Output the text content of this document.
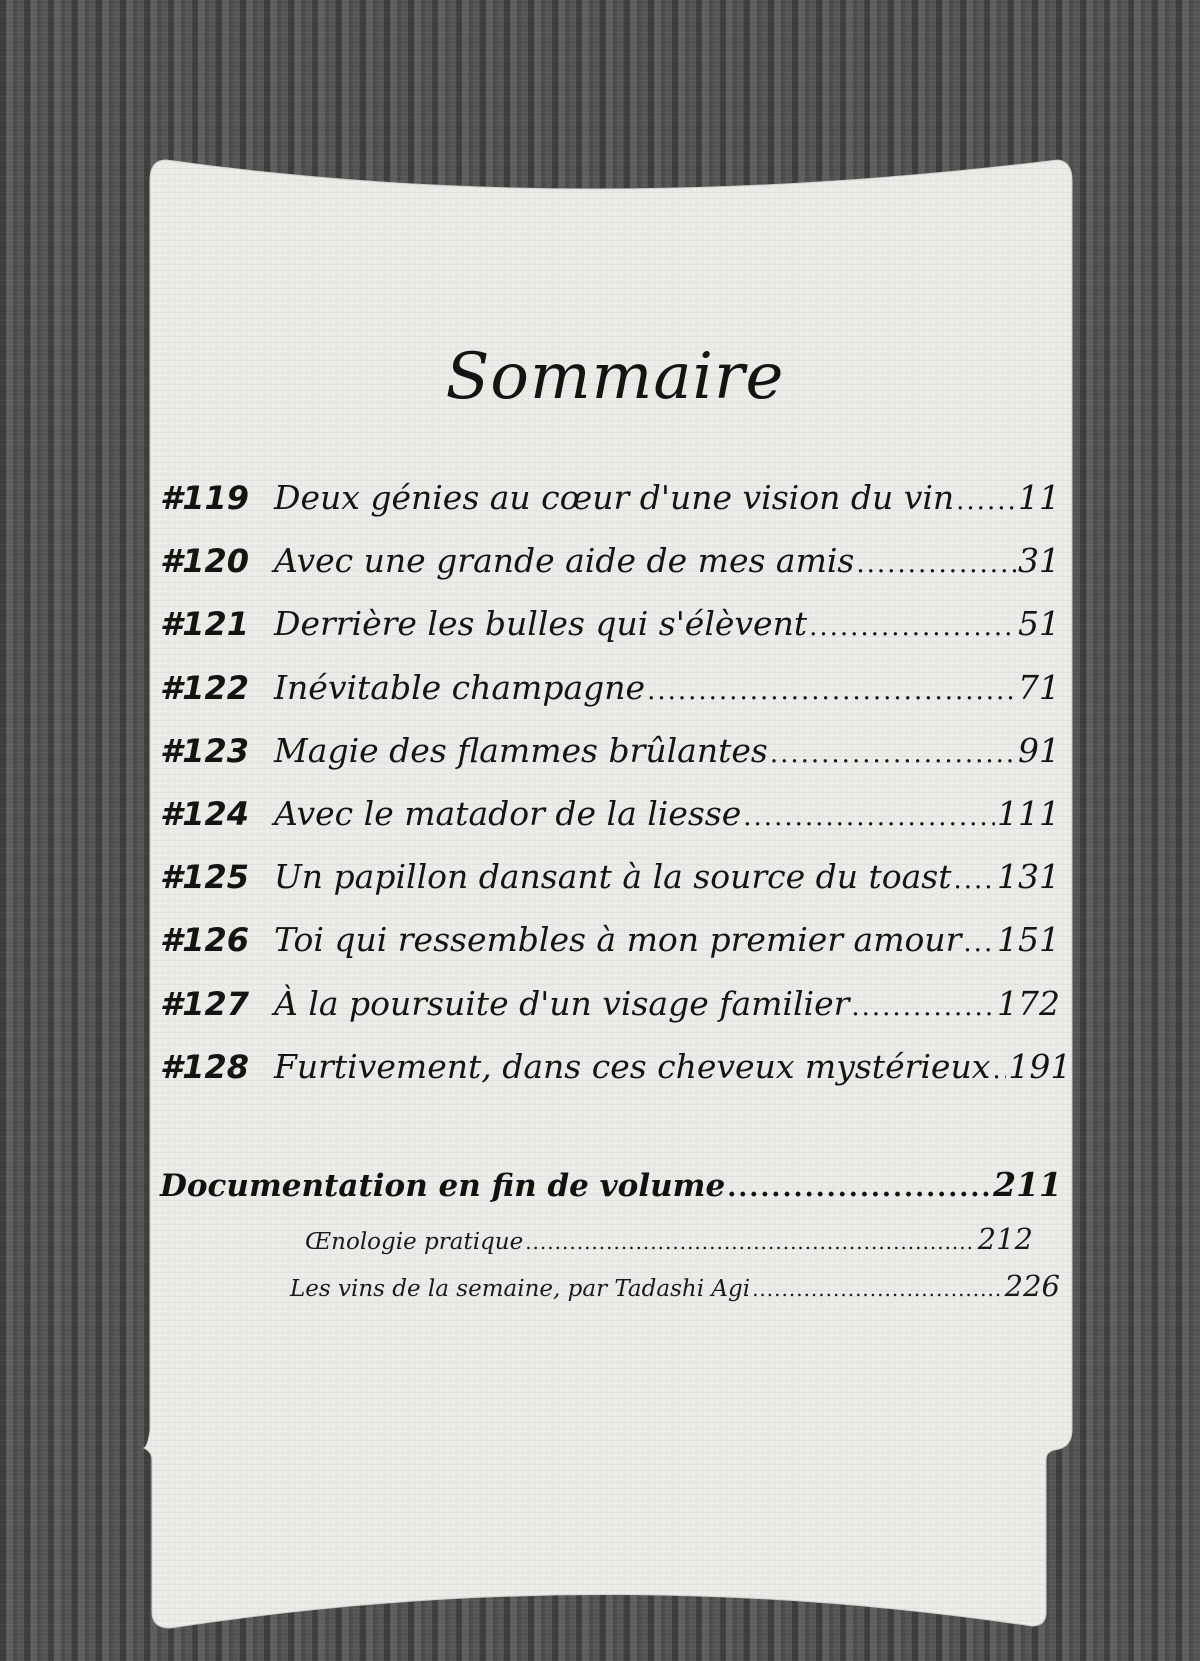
Sommaire
#119 Deux génies au cœur d'une vision du vin ..... 11
#120 Avec une grande aide de mes amis .....	31
#121 Derrière les bulles qui s'élèvent .....	51
#122 Inévitable champagne .....	71
#123 Magie des flammes brûlantes .....	91
#124 Avec le matador de la liesse .....	111
#125 Un papillon dansant à la source du toast ..... 131
#126 Toi qui ressembles à mon premier amour ..... 151
#127 À la poursuite d'un visage familier .....	172
#128 Furtivement, dans ces cheveux mystérieux ..... 191
Documentation en fin de volume .....	211
Œnologie pratique .....	212
Les vins de la semaine, par Tadashi Agi .....	226
